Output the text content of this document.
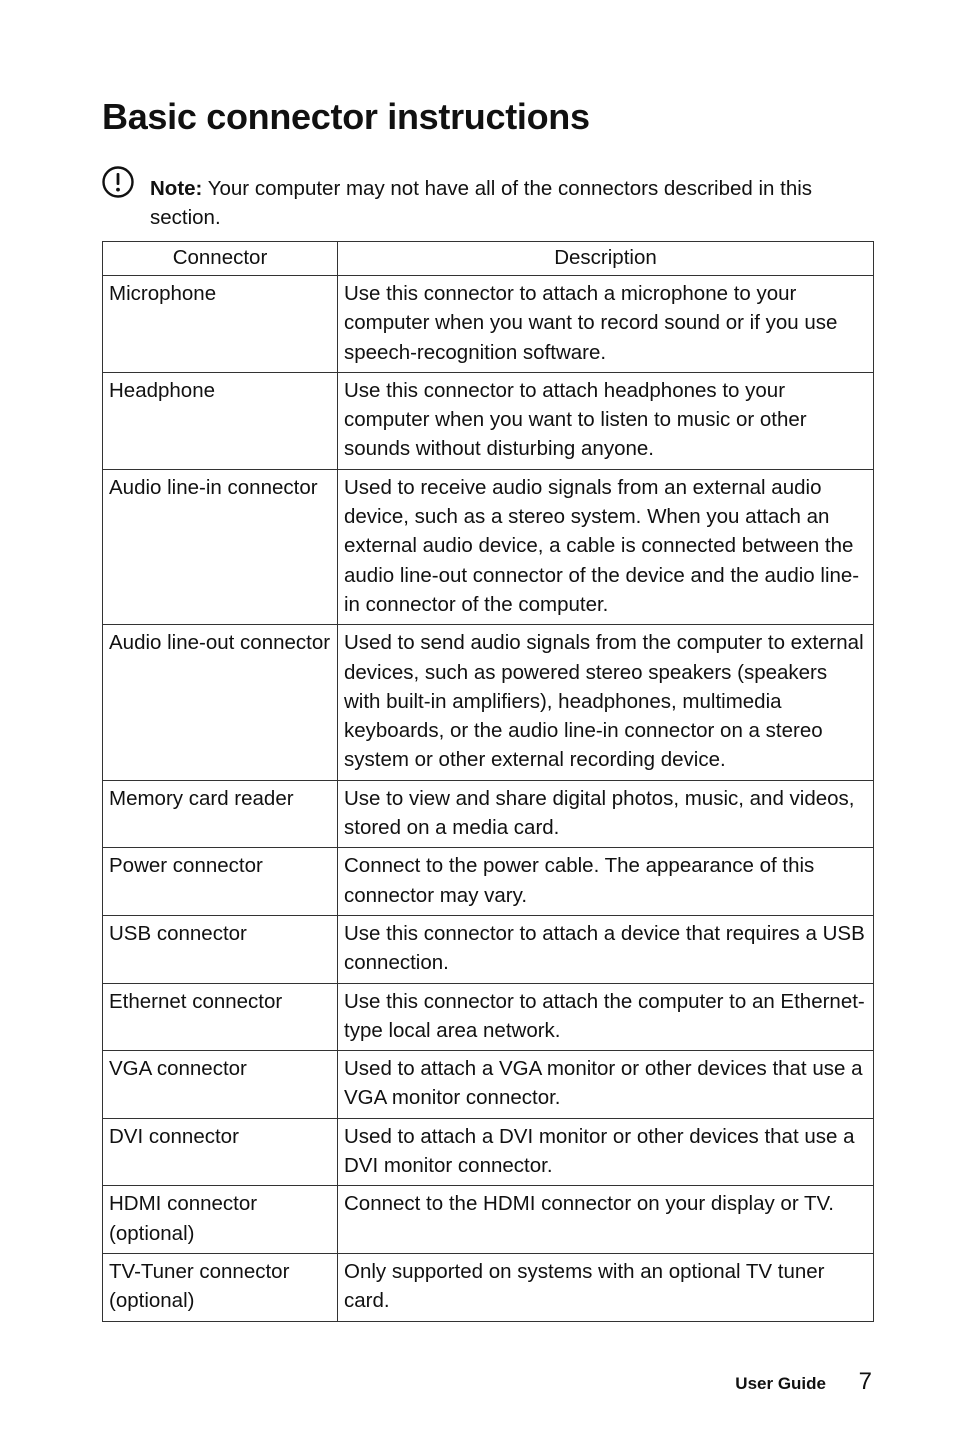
Basic connector instructions
Note: Your computer may not have all of the connectors described in this section.
Connector	Description
Microphone	Use this connector to attach a microphone to your computer when you want to record sound or if you use speech-recognition software.
Headphone	Use this connector to attach headphones to your computer when you want to listen to music or other sounds without disturbing anyone.
Audio line-in connector	Used to receive audio signals from an external audio device, such as a stereo system. When you attach an external audio device, a cable is connected between the audio line-out connector of the device and the audio line-in connector of the computer.
Audio line-out connector	Used to send audio signals from the computer to external devices, such as powered stereo speakers (speakers with built-in amplifiers), headphones, multimedia keyboards, or the audio line-in connector on a stereo system or other external recording device.
Memory card reader	Use to view and share digital photos, music, and videos, stored on a media card.
Power connector	Connect to the power cable. The appearance of this connector may vary.
USB connector	Use this connector to attach a device that requires a USB connection.
Ethernet connector	Use this connector to attach the computer to an Ethernet-type local area network.
VGA connector	Used to attach a VGA monitor or other devices that use a VGA monitor connector.
DVI connector	Used to attach a DVI monitor or other devices that use a DVI monitor connector.
HDMI connector (optional)	Connect to the HDMI connector on your display or TV.
TV-Tuner connector (optional)	Only supported on systems with an optional TV tuner card.
User Guide 7
